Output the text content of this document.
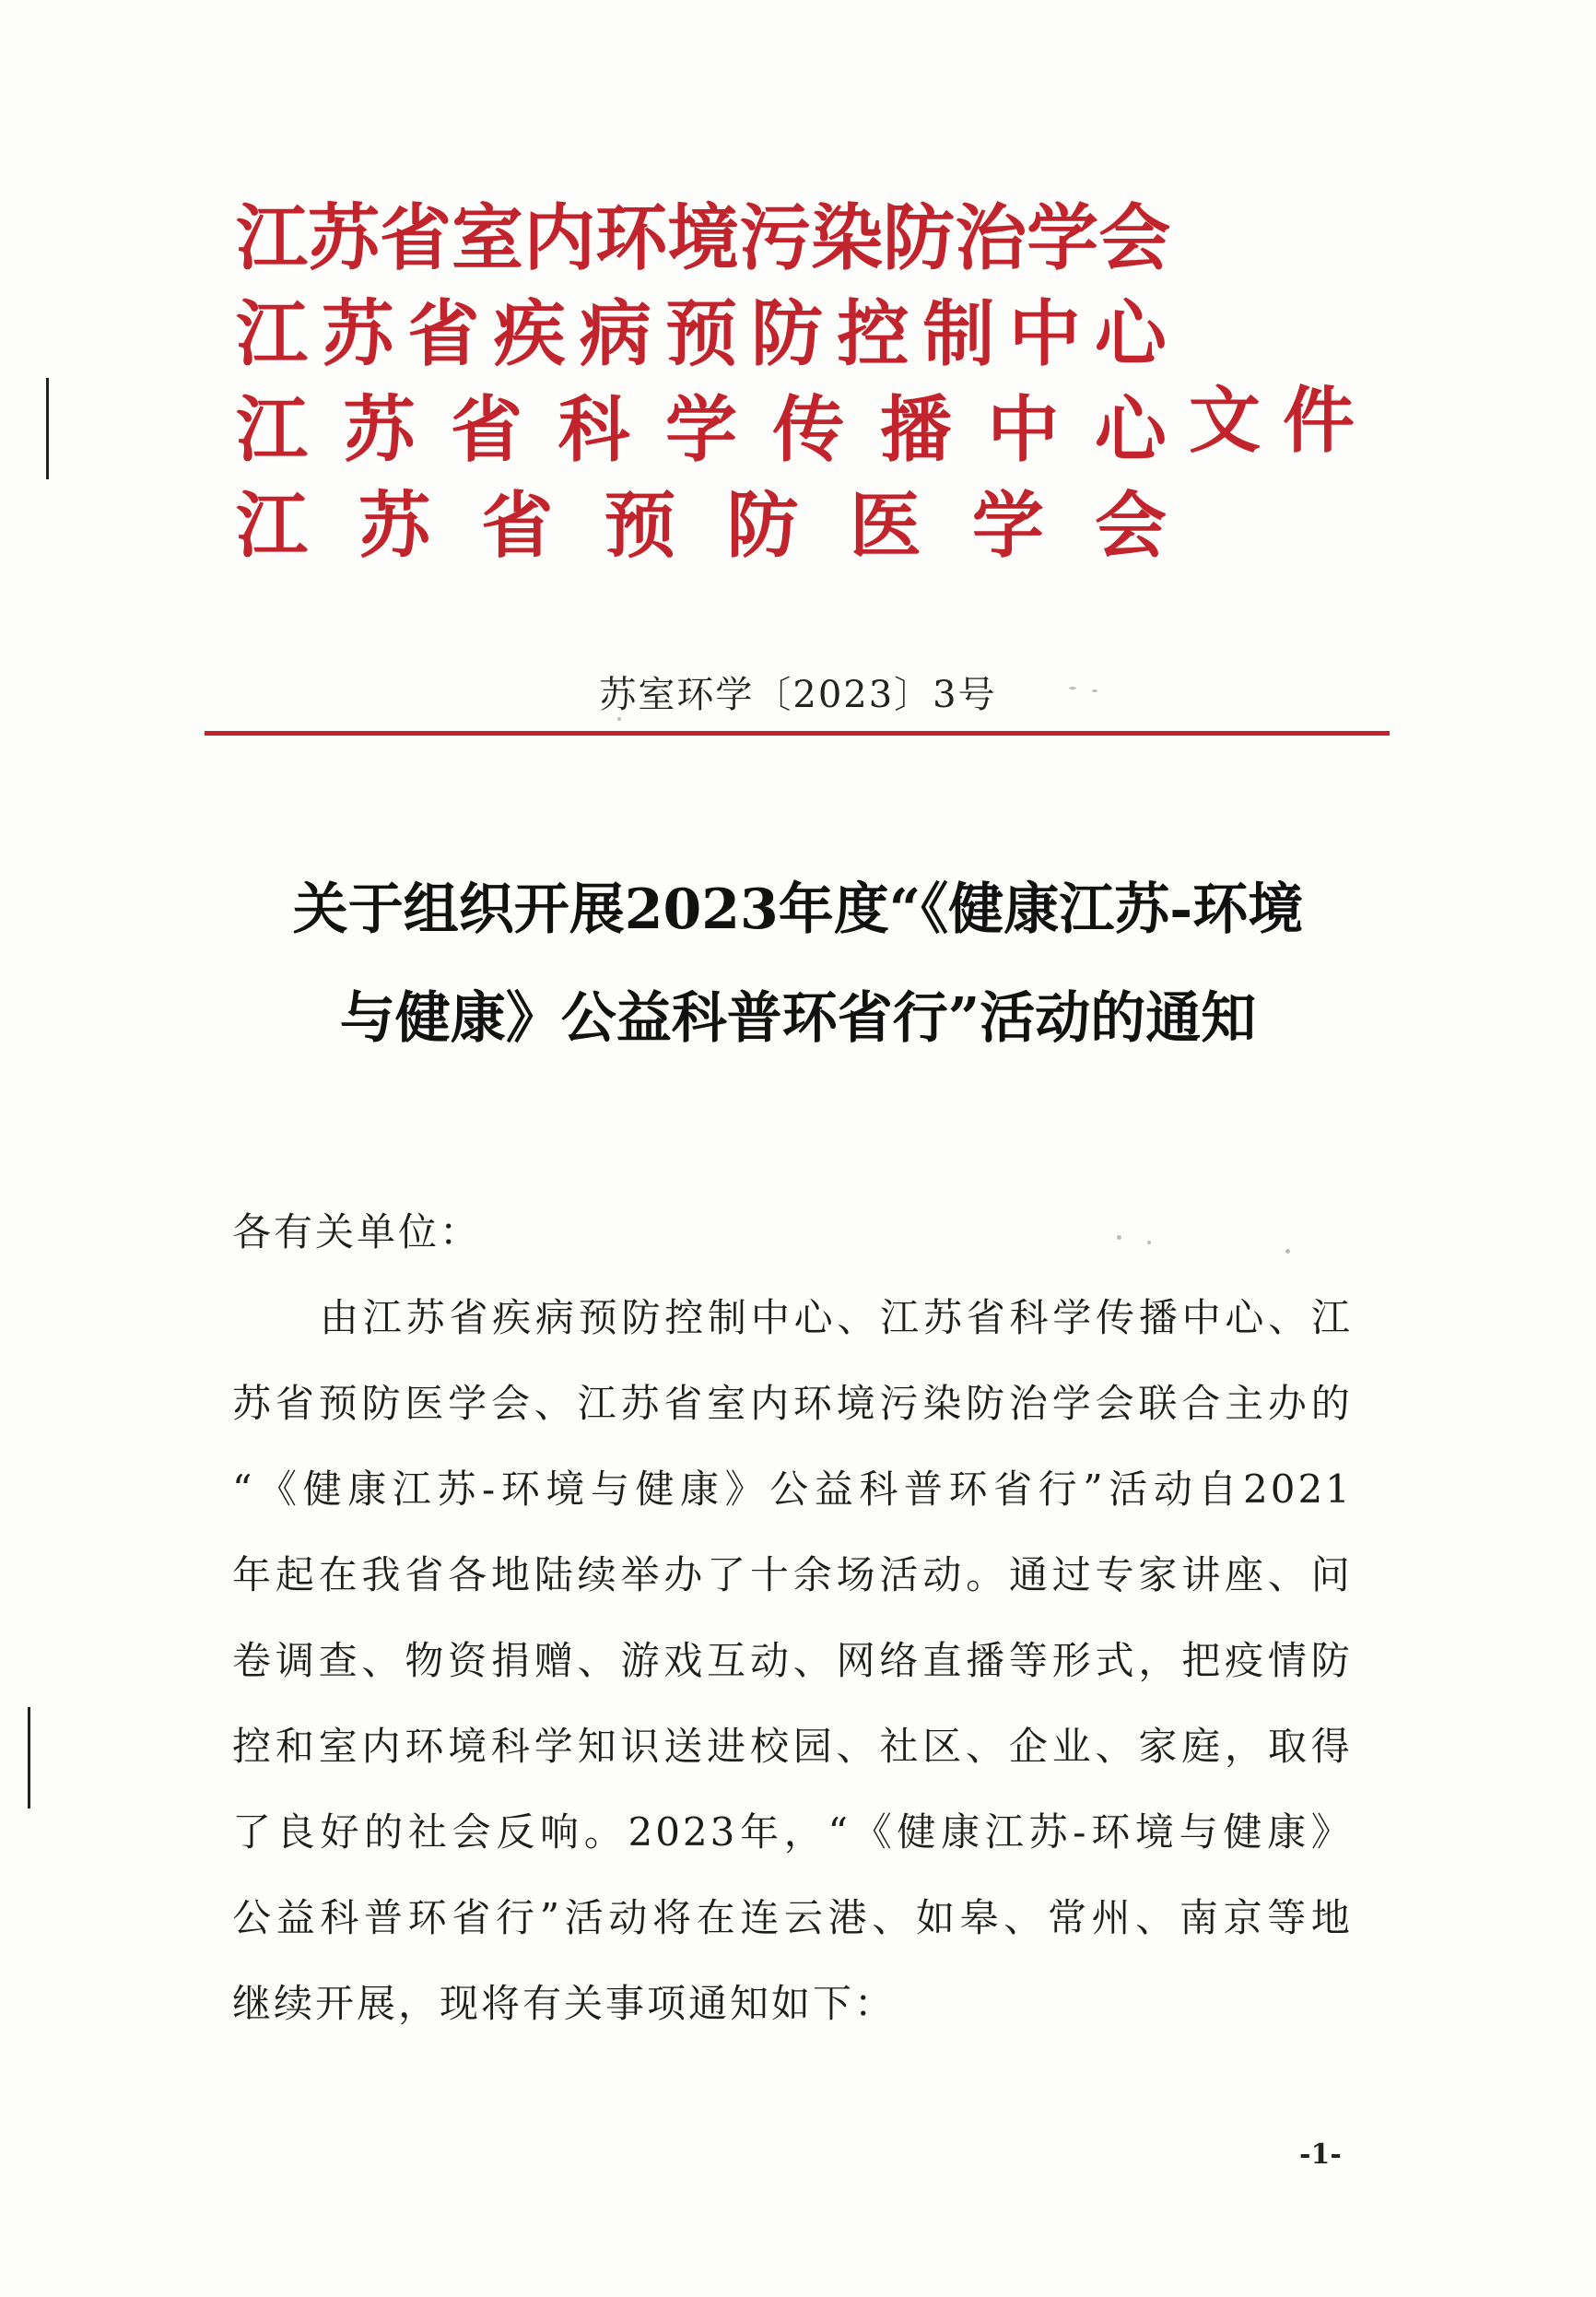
江 苏 省 室 内 环 境 污 染 防 治 学 会
江 苏 省 疾 病 预 防 控 制 中 心
江 苏 省 科 学 传 播 中 心
江 苏 省 预 防 医 学 会
文件
苏室环学〔2023〕3号
关于组织开展2023年度“《健康江苏-环境
与健康》公益科普环省行”活动的通知
各有关单位：
由 江 苏 省 疾 病 预 防 控 制 中 心 、 江 苏 省 科 学 传 播 中 心 、 江
苏 省 预 防 医 学 会 、 江 苏 省 室 内 环 境 污 染 防 治 学 会 联 合 主 办 的
“ 《 健 康 江 苏 - 环 境 与 健 康 》 公 益 科 普 环 省 行 ” 活 动 自 2021
年 起 在 我 省 各 地 陆 续 举 办 了 十 余 场 活 动 。 通 过 专 家 讲 座 、 问
卷 调 查 、 物 资 捐 赠 、 游 戏 互 动 、 网 络 直 播 等 形 式 ， 把 疫 情 防
控 和 室 内 环 境 科 学 知 识 送 进 校 园 、 社 区 、 企 业 、 家 庭 ， 取 得
了 良 好 的 社 会 反 响 。 2023 年 ， “ 《 健 康 江 苏 - 环 境 与 健 康 》
公 益 科 普 环 省 行 ” 活 动 将 在 连 云 港 、 如 皋 、 常 州 、 南 京 等 地
继续开展，现将有关事项通知如下：
-1-
